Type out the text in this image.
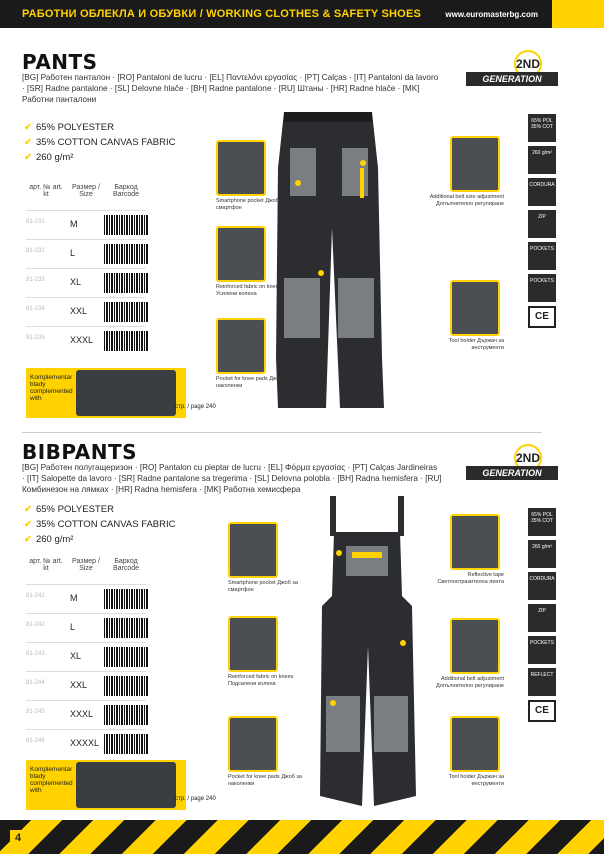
РАБОТНИ ОБЛЕКЛА И ОБУВКИ / WORKING CLOTHES & SAFETY SHOES	www.euromasterbg.com
PANTS
[BG] Работен панталон · [RO] Pantaloni de lucru · [EL] Παντελόνι εργασίας · [PT] Calças · [IT] Pantaloni da lavoro · [SR] Radne pantalone · [SL] Delovne hlače · [BH] Radne pantalone · [RU] Штаны · [HR] Radne hlače · [MK] Работни панталони
2ND
GENERATION
✔ 65% POLYESTER
✔ 35% COTTON CANVAS FABRIC
✔ 260 g/m²
арт. № art. kt
Размер / Size
Баркод Barcode
81-231	M
81-232	L
81-233	XL
81-234	XXL
81-235	XXXL
Komplementar blady complemented with
стр. / page 240
Smartphone pocket Джоб за смартфон
Reinforced fabric on knees Усилени колена
Pocket for knee pads Джоб за наколенки
Additional belt size adjustment Допълнително регулиране
Tool holder Държач за инструменти
65% POL 35% COT
260 g/m²
CORDURA
ZIP
POCKETS
POCKETS
CE
BIBPANTS
[BG] Работен полугащеризон · [RO] Pantalon cu pieptar de lucru · [EL] Φόρμα εργασίας · [PT] Calças Jardineiras · [IT] Salopette da lavoro · [SR] Radne pantalone sa tregerima · [SL] Delovna polobla · [BH] Radna hemisfera · [RU] Комбинезон на лямках · [HR] Radna hemisfera · [MK] Работна хемисфера
2ND
GENERATION
✔ 65% POLYESTER
✔ 35% COTTON CANVAS FABRIC
✔ 260 g/m²
арт. № art. kt
Размер / Size
Баркод Barcode
81-241	M
81-242	L
81-243	XL
81-244	XXL
81-245	XXXL
81-246	XXXXL
Komplementar blady complemented with
стр. / page 240
Smartphone pocket Джоб за смартфон
Reinforced fabric on knees Подсилени колена
Pocket for knee pads Джоб за наколенки
Reflective tape Светлоотразителна лента
Additional belt adjustment Допълнително регулиране
Tool holder Държач за инструменти
65% POL 35% COT
260 g/m²
CORDURA
ZIP
POCKETS
REFLECT
CE
4
